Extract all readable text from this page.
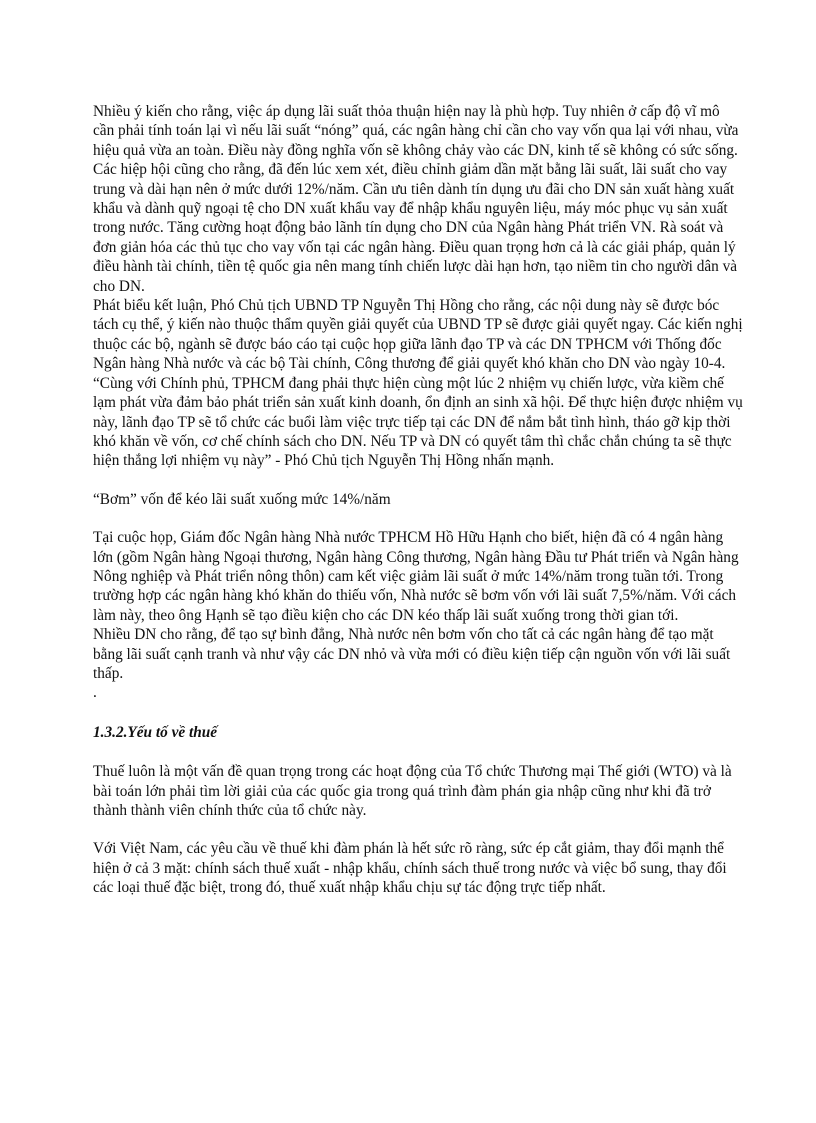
Nhiều ý kiến cho rằng, việc áp dụng lãi suất thỏa thuận hiện nay là phù hợp. Tuy nhiên ở cấp độ vĩ mô cần phải tính toán lại vì nếu lãi suất “nóng” quá, các ngân hàng chỉ cần cho vay vốn qua lại với nhau, vừa hiệu quả vừa an toàn. Điều này đồng nghĩa vốn sẽ không chảy vào các DN, kinh tế sẽ không có sức sống.

Các hiệp hội cũng cho rằng, đã đến lúc xem xét, điều chỉnh giảm dần mặt bằng lãi suất, lãi suất cho vay trung và dài hạn nên ở mức dưới 12%/năm. Cần ưu tiên dành tín dụng ưu đãi cho DN sản xuất hàng xuất khẩu và dành quỹ ngoại tệ cho DN xuất khẩu vay để nhập khẩu nguyên liệu, máy móc phục vụ sản xuất trong nước. Tăng cường hoạt động bảo lãnh tín dụng cho DN của Ngân hàng Phát triển VN. Rà soát và đơn giản hóa các thủ tục cho vay vốn tại các ngân hàng. Điều quan trọng hơn cả là các giải pháp, quản lý điều hành tài chính, tiền tệ quốc gia nên mang tính chiến lược dài hạn hơn, tạo niềm tin cho người dân và cho DN.

Phát biểu kết luận, Phó Chủ tịch UBND TP Nguyễn Thị Hồng cho rằng, các nội dung này sẽ được bóc tách cụ thể, ý kiến nào thuộc thẩm quyền giải quyết của UBND TP sẽ được giải quyết ngay. Các kiến nghị thuộc các bộ, ngành sẽ được báo cáo tại cuộc họp giữa lãnh đạo TP và các DN TPHCM với Thống đốc Ngân hàng Nhà nước và các bộ Tài chính, Công thương để giải quyết khó khăn cho DN vào ngày 10-4.

“Cùng với Chính phủ, TPHCM đang phải thực hiện cùng một lúc 2 nhiệm vụ chiến lược, vừa kiềm chế lạm phát vừa đảm bảo phát triển sản xuất kinh doanh, ổn định an sinh xã hội. Để thực hiện được nhiệm vụ này, lãnh đạo TP sẽ tổ chức các buổi làm việc trực tiếp tại các DN để nắm bắt tình hình, tháo gỡ kịp thời khó khăn về vốn, cơ chế chính sách cho DN. Nếu TP và DN có quyết tâm thì chắc chắn chúng ta sẽ thực hiện thắng lợi nhiệm vụ này” - Phó Chủ tịch Nguyễn Thị Hồng nhấn mạnh.

“Bơm” vốn để kéo lãi suất xuống mức 14%/năm

Tại cuộc họp, Giám đốc Ngân hàng Nhà nước TPHCM Hồ Hữu Hạnh cho biết, hiện đã có 4 ngân hàng lớn (gồm Ngân hàng Ngoại thương, Ngân hàng Công thương, Ngân hàng Đầu tư Phát triển và Ngân hàng Nông nghiệp và Phát triển nông thôn) cam kết việc giảm lãi suất ở mức 14%/năm trong tuần tới. Trong trường hợp các ngân hàng khó khăn do thiếu vốn, Nhà nước sẽ bơm vốn với lãi suất 7,5%/năm. Với cách làm này, theo ông Hạnh sẽ tạo điều kiện cho các DN kéo thấp lãi suất xuống trong thời gian tới.

Nhiều DN cho rằng, để tạo sự bình đẳng, Nhà nước nên bơm vốn cho tất cả các ngân hàng để tạo mặt bằng lãi suất cạnh tranh và như vậy các DN nhỏ và vừa mới có điều kiện tiếp cận nguồn vốn với lãi suất thấp.

.

1.3.2.Yếu tố về thuế

Thuế luôn là một vấn đề quan trọng trong các hoạt động của Tổ chức Thương mại Thế giới (WTO) và là bài toán lớn phải tìm lời giải của các quốc gia trong quá trình đàm phán gia nhập cũng như khi đã trở thành thành viên chính thức của tổ chức này.

Với Việt Nam, các yêu cầu về thuế khi đàm phán là hết sức rõ ràng, sức ép cắt giảm, thay đổi mạnh thể hiện ở cả 3 mặt: chính sách thuế xuất - nhập khẩu, chính sách thuế trong nước và việc bổ sung, thay đổi các loại thuế đặc biệt, trong đó, thuế xuất nhập khẩu chịu sự tác động trực tiếp nhất.
